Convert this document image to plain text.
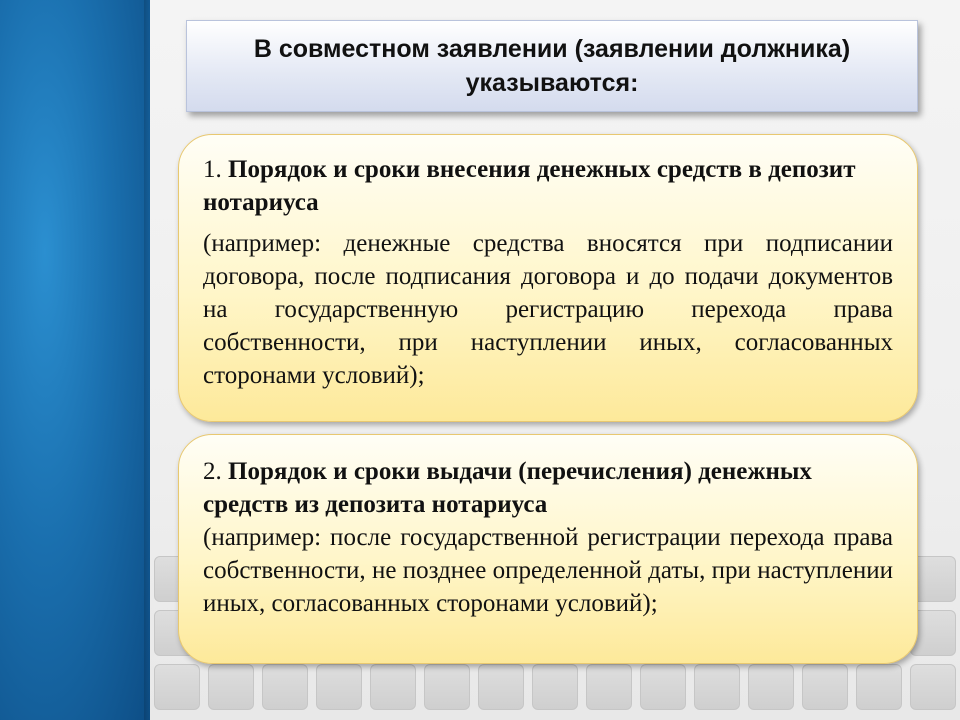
В совместном заявлении (заявлении должника) указываются:
1. Порядок и сроки внесения денежных средств в депозит нотариуса
(например: денежные средства вносятся при подписании договора, после подписания договора и до подачи документов на государственную регистрацию перехода права собственности, при наступлении иных, согласованных сторонами условий);
2. Порядок и сроки выдачи (перечисления) денежных средств из депозита нотариуса
(например: после государственной регистрации перехода права собственности, не позднее определенной даты, при наступлении иных, согласованных сторонами условий);
